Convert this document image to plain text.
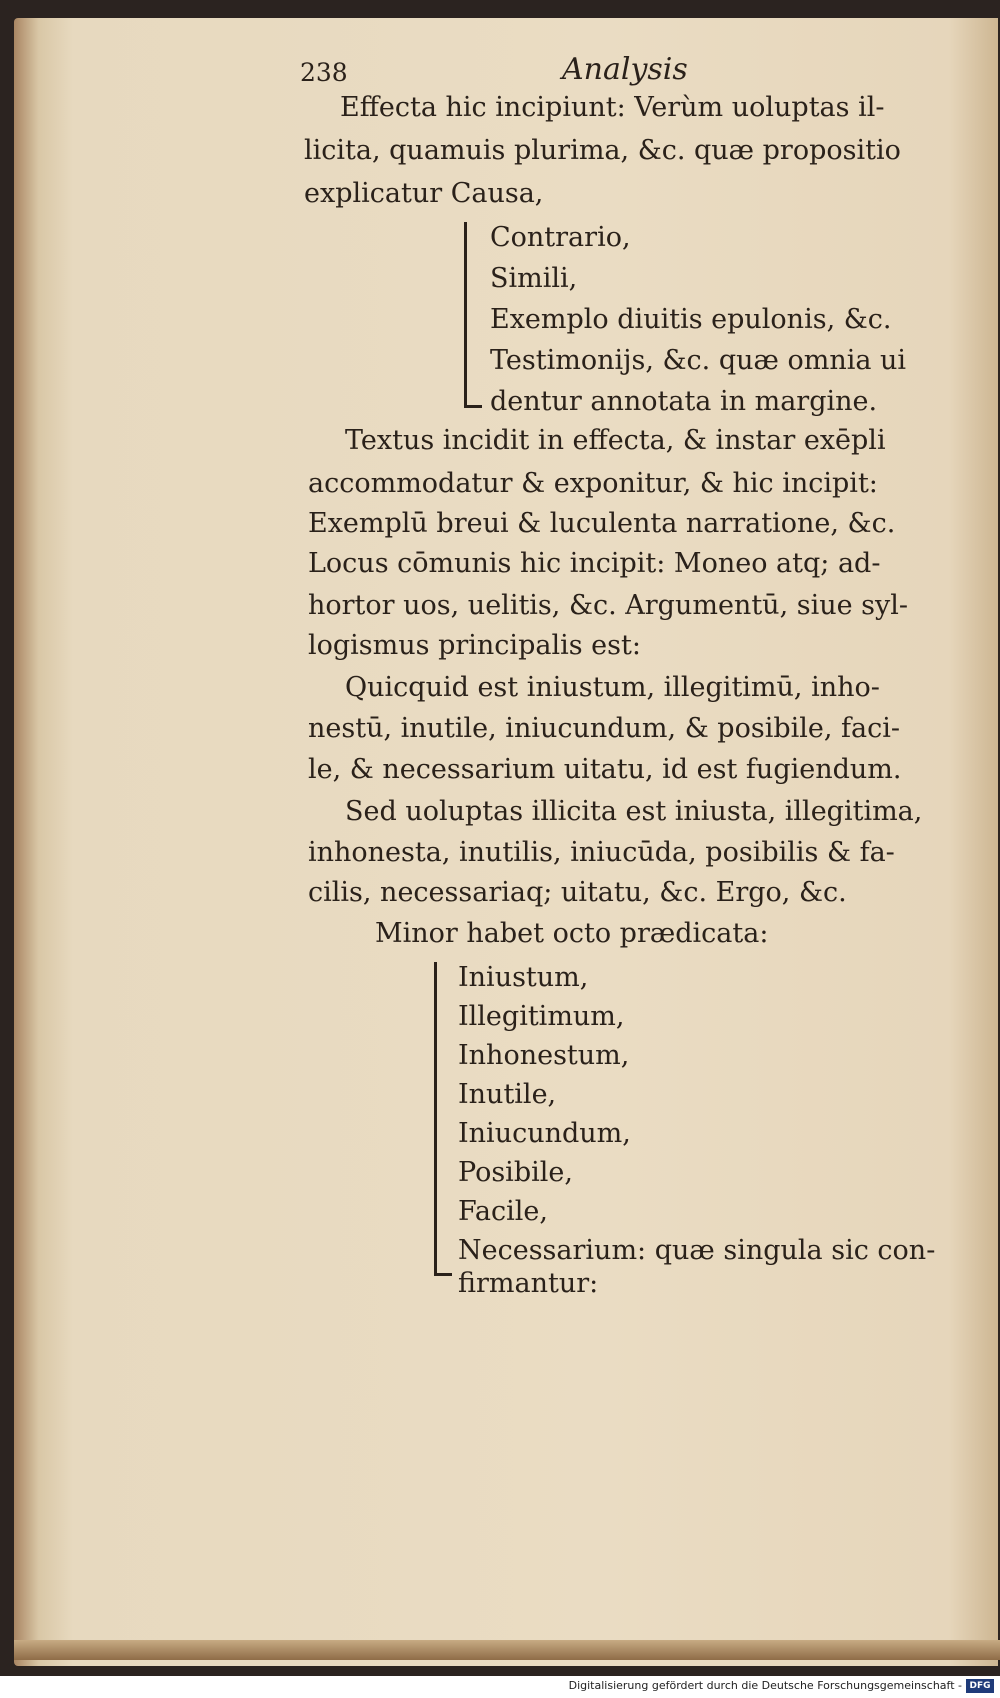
238	Analysis
Effecta hic incipiunt: Verùm uoluptas il-
licita, quamuis plurima, &c. quæ propositio
explicatur Causa,
Contrario,
Simili,
Exemplo diuitis epulonis, &c.
Testimonijs, &c. quæ omnia ui
dentur annotata in margine.
Textus incidit in effecta, & instar exēpli
accommodatur & exponitur, & hic incipit:
Exemplū breui & luculenta narratione, &c.
Locus cōmunis hic incipit: Moneo atq; ad-
hortor uos, uelitis, &c. Argumentū, siue syl-
logismus principalis est:
Quicquid est iniustum, illegitimū, inho-
nestū, inutile, iniucundum, & posibile, faci-
le, & necessarium uitatu, id est fugiendum.
Sed uoluptas illicita est iniusta, illegitima,
inhonesta, inutilis, iniucūda, posibilis & fa-
cilis, necessariaq; uitatu, &c. Ergo, &c.
Minor habet octo prædicata:
Iniustum,
Illegitimum,
Inhonestum,
Inutile,
Iniucundum,
Posibile,
Facile,
Necessarium: quæ singula sic con-
firmantur:
Digitalisierung gefördert durch die Deutsche Forschungsgemeinschaft - DFG
